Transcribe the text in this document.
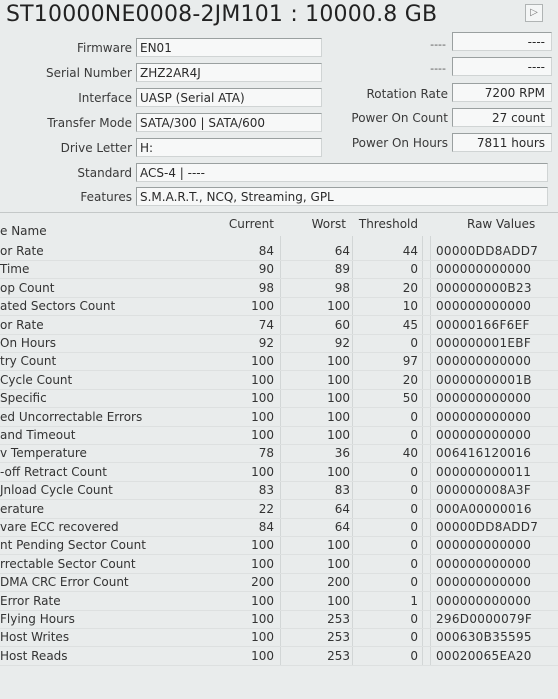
ST10000NE0008-2JM101 : 10000.8 GB	▷
Firmware EN01
Serial Number ZHZ2AR4J
Interface UASP (Serial ATA)
Transfer Mode SATA/300 | SATA/600
Drive Letter H:
Standard ACS-4 | ----
Features S.M.A.R.T., NCQ, Streaming, GPL
----	----
----	----
Rotation Rate	7200 RPM
Power On Count	27 count
Power On Hours	7811 hours
e Name	Current	Worst Threshold	Raw Values
or Rate	84	64	44 00000DD8ADD7
Time	90	89	0 000000000000
op Count	98	98	20 000000000B23
ated Sectors Count	100	100	10 000000000000
or Rate	74	60	45 00000166F6EF
On Hours	92	92	0 000000001EBF
try Count	100	100	97 000000000000
Cycle Count	100	100	20 00000000001B
Specific	100	100	50 000000000000
ed Uncorrectable Errors	100	100	0 000000000000
and Timeout	100	100	0 000000000000
v Temperature	78	36	40 006416120016
-off Retract Count	100	100	0 000000000011
Jnload Cycle Count	83	83	0 000000008A3F
erature	22	64	0 000A00000016
vare ECC recovered	84	64	0 00000DD8ADD7
nt Pending Sector Count	100	100	0 000000000000
rrectable Sector Count	100	100	0 000000000000
DMA CRC Error Count	200	200	0 000000000000
Error Rate	100	100	1 000000000000
Flying Hours	100	253	0 296D0000079F
Host Writes	100	253	0 000630B35595
Host Reads	100	253	0 00020065EA20
